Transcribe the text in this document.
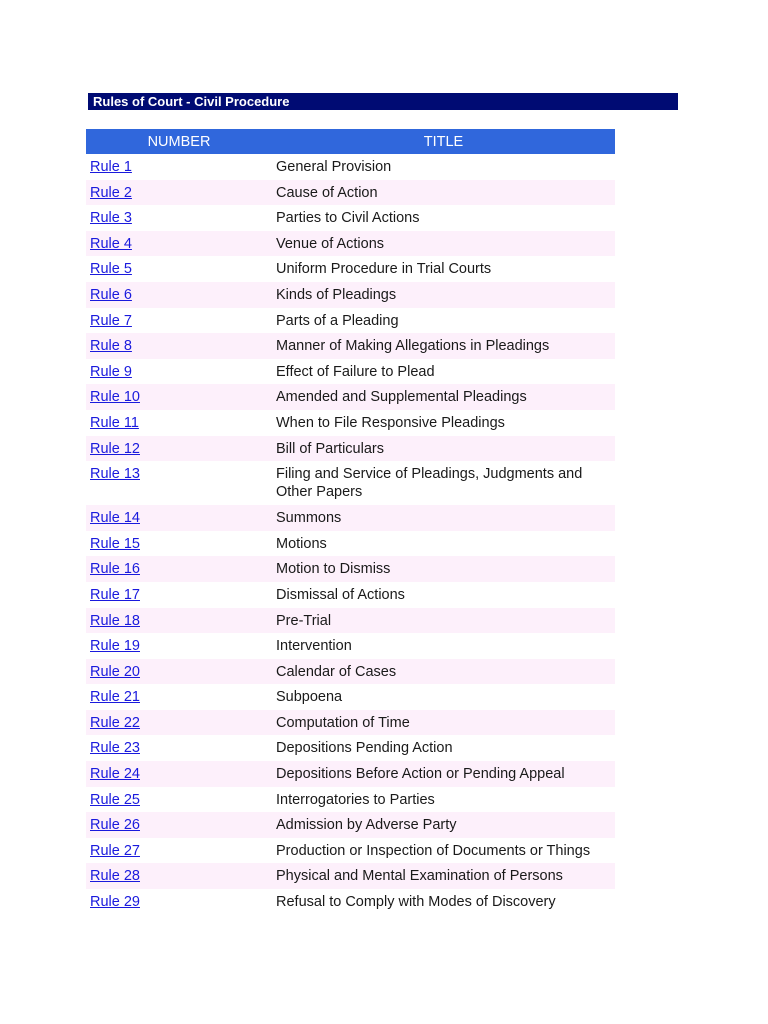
Rules of Court - Civil Procedure
NUMBER	TITLE
Rule 1	General Provision
Rule 2	Cause of Action
Rule 3	Parties to Civil Actions
Rule 4	Venue of Actions
Rule 5	Uniform Procedure in Trial Courts
Rule 6	Kinds of Pleadings
Rule 7	Parts of a Pleading
Rule 8	Manner of Making Allegations in Pleadings
Rule 9	Effect of Failure to Plead
Rule 10	Amended and Supplemental Pleadings
Rule 11	When to File Responsive Pleadings
Rule 12	Bill of Particulars
Rule 13	Filing and Service of Pleadings, Judgments and Other Papers
Rule 14	Summons
Rule 15	Motions
Rule 16	Motion to Dismiss
Rule 17	Dismissal of Actions
Rule 18	Pre-Trial
Rule 19	Intervention
Rule 20	Calendar of Cases
Rule 21	Subpoena
Rule 22	Computation of Time
Rule 23	Depositions Pending Action
Rule 24	Depositions Before Action or Pending Appeal
Rule 25	Interrogatories to Parties
Rule 26	Admission by Adverse Party
Rule 27	Production or Inspection of Documents or Things
Rule 28	Physical and Mental Examination of Persons
Rule 29	Refusal to Comply with Modes of Discovery
